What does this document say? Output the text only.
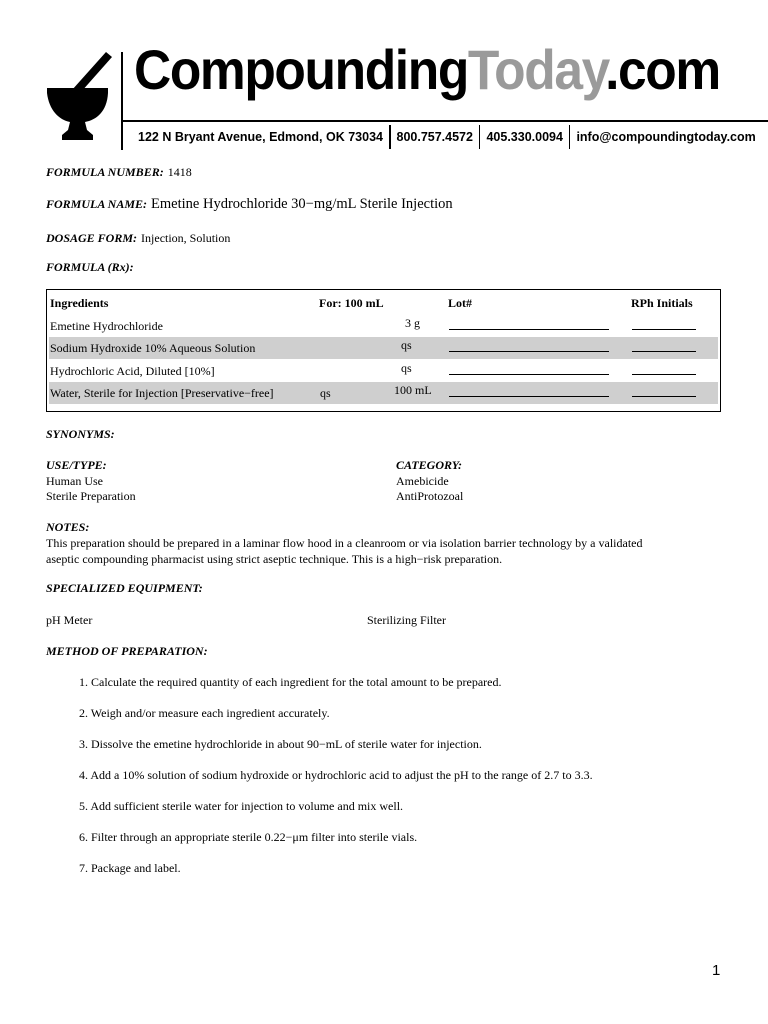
CompoundingToday.com
122 N Bryant Avenue, Edmond, OK 73034	800.757.4572	405.330.0094	info@compoundingtoday.com
FORMULA NUMBER: 1418
FORMULA NAME: Emetine Hydrochloride 30−mg/mL Sterile Injection
DOSAGE FORM: Injection, Solution
FORMULA (Rx):
Ingredients	For: 100 mL	Lot#	RPh Initials
Emetine Hydrochloride	3 g
Sodium Hydroxide 10% Aqueous Solution	qs
Hydrochloric Acid, Diluted [10%]	qs
Water, Sterile for Injection [Preservative−free]	qs	100 mL
SYNONYMS:
USE/TYPE:
Human Use
Sterile Preparation
CATEGORY:
Amebicide
AntiProtozoal
NOTES:
This preparation should be prepared in a laminar flow hood in a cleanroom or via isolation barrier technology by a validated
aseptic compounding pharmacist using strict aseptic technique. This is a high−risk preparation.
SPECIALIZED EQUIPMENT:
pH Meter	Sterilizing Filter
METHOD OF PREPARATION:
1. Calculate the required quantity of each ingredient for the total amount to be prepared.
2. Weigh and/or measure each ingredient accurately.
3. Dissolve the emetine hydrochloride in about 90−mL of sterile water for injection.
4. Add a 10% solution of sodium hydroxide or hydrochloric acid to adjust the pH to the range of 2.7 to 3.3.
5. Add sufficient sterile water for injection to volume and mix well.
6. Filter through an appropriate sterile 0.22−μm filter into sterile vials.
7. Package and label.
1
